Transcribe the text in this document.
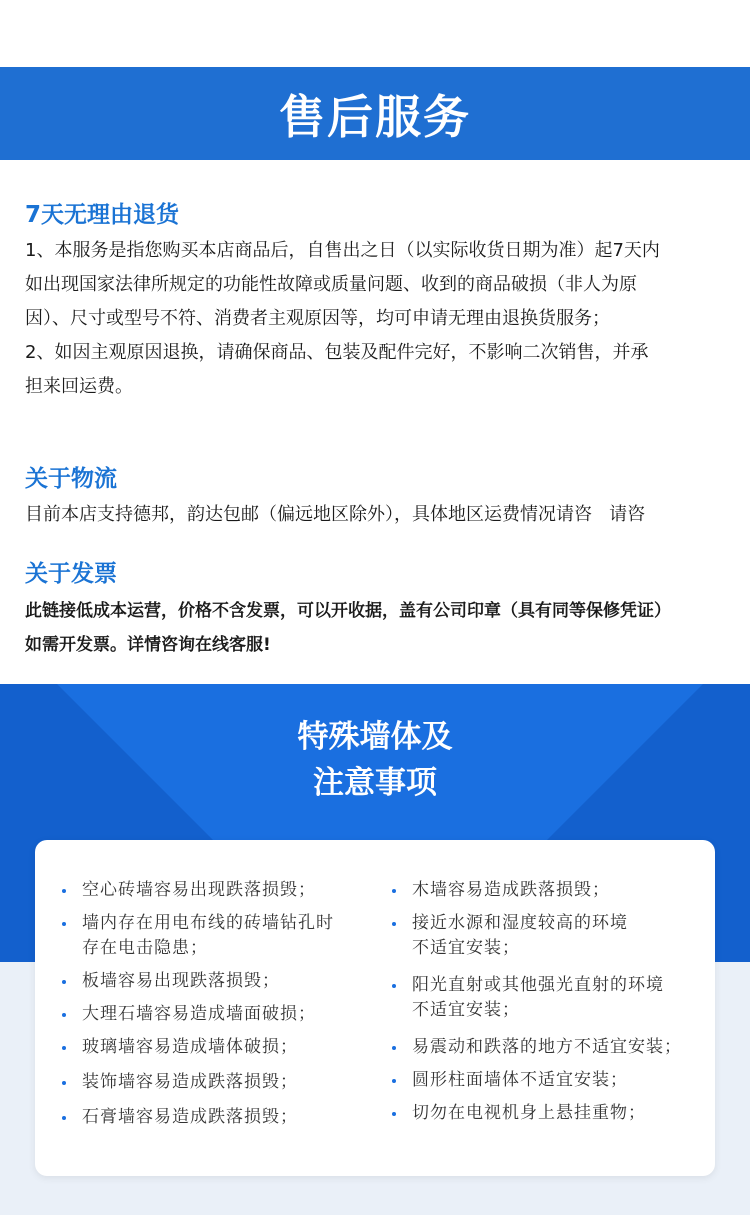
售后服务
7天无理由退货
1、本服务是指您购买本店商品后，自售出之日（以实际收货日期为准）起7天内
如出现国家法律所规定的功能性故障或质量问题、收到的商品破损（非人为原
因）、尺寸或型号不符、消费者主观原因等，均可申请无理由退换货服务；
2、如因主观原因退换，请确保商品、包装及配件完好，不影响二次销售，并承
担来回运费。
关于物流
目前本店支持德邦，韵达包邮（偏远地区除外），具体地区运费情况请咨   请咨
关于发票
此链接低成本运营，价格不含发票，可以开收据，盖有公司印章（具有同等保修凭证）
如需开发票。详情咨询在线客服!
特殊墙体及
注意事项
空心砖墙容易出现跌落损毁；
墙内存在用电布线的砖墙钻孔时
存在电击隐患；
板墙容易出现跌落损毁；
大理石墙容易造成墙面破损；
玻璃墙容易造成墙体破损；
装饰墙容易造成跌落损毁；
石膏墙容易造成跌落损毁；
木墙容易造成跌落损毁；
接近水源和湿度较高的环境
不适宜安装；
阳光直射或其他强光直射的环境
不适宜安装；
易震动和跌落的地方不适宜安装；
圆形柱面墙体不适宜安装；
切勿在电视机身上悬挂重物；
